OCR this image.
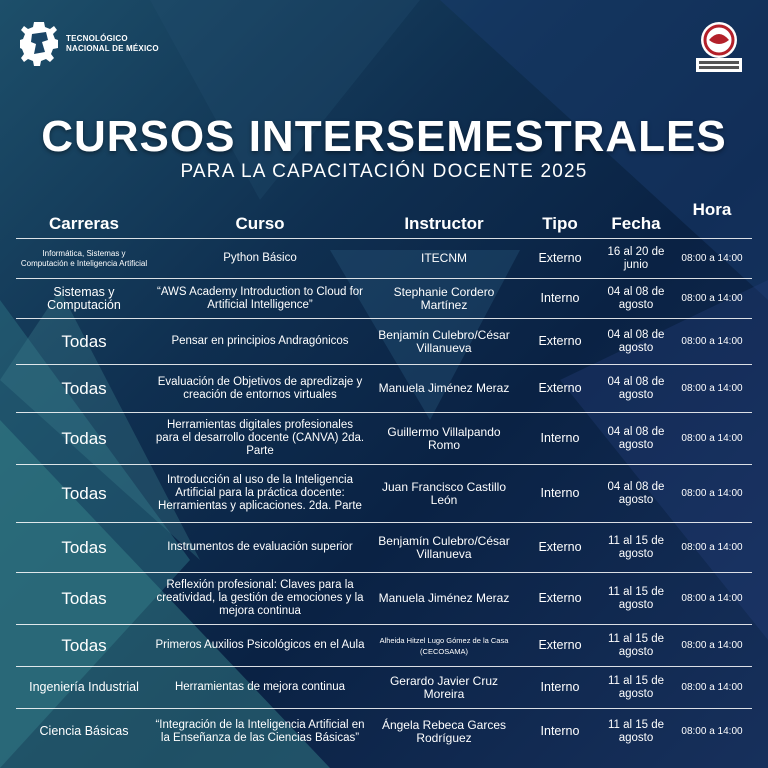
TECNOLÓGICO
NACIONAL DE MÉXICO
CURSOS INTERSEMESTRALES
PARA LA CAPACITACIÓN DOCENTE 2025
Carreras	Curso	Instructor	Tipo	Fecha	Hora
Informática, Sistemas y Computación e Inteligencia Artificial	Python Básico	ITECNM	Externo	16 al 20 de junio	08:00 a 14:00
Sistemas y Computación	“AWS Academy Introduction to Cloud for Artificial Intelligence”	Stephanie Cordero Martínez	Interno	04 al 08 de agosto	08:00 a 14:00
Todas	Pensar en principios Andragónicos	Benjamín Culebro/César Villanueva	Externo	04 al 08 de agosto	08:00 a 14:00
Todas	Evaluación de Objetivos de apredizaje y creación de entornos virtuales	Manuela Jiménez Meraz	Externo	04 al 08 de agosto	08:00 a 14:00
Todas	Herramientas digitales profesionales para el desarrollo docente (CANVA) 2da. Parte	Guillermo Villalpando Romo	Interno	04 al 08 de agosto	08:00 a 14:00
Todas	Introducción al uso de la Inteligencia Artificial para la práctica docente: Herramientas y aplicaciones. 2da. Parte	Juan Francisco Castillo León	Interno	04 al 08 de agosto	08:00 a 14:00
Todas	Instrumentos de evaluación superior	Benjamín Culebro/César Villanueva	Externo	11 al 15 de agosto	08:00 a 14:00
Todas	Reflexión profesional: Claves para la creatividad, la gestión de emociones y la mejora continua	Manuela Jiménez Meraz	Externo	11 al 15 de agosto	08:00 a 14:00
Todas	Primeros Auxilios Psicológicos en el Aula	Alheida Hitzel Lugo Gómez de la Casa (CECOSAMA)	Externo	11 al 15 de agosto	08:00 a 14:00
Ingeniería Industrial	Herramientas de mejora continua	Gerardo Javier Cruz Moreira	Interno	11 al 15 de agosto	08:00 a 14:00
Ciencia Básicas	“Integración de la Inteligencia Artificial en la Enseñanza de las Ciencias Básicas”	Ángela Rebeca Garces Rodríguez	Interno	11 al 15 de agosto	08:00 a 14:00
